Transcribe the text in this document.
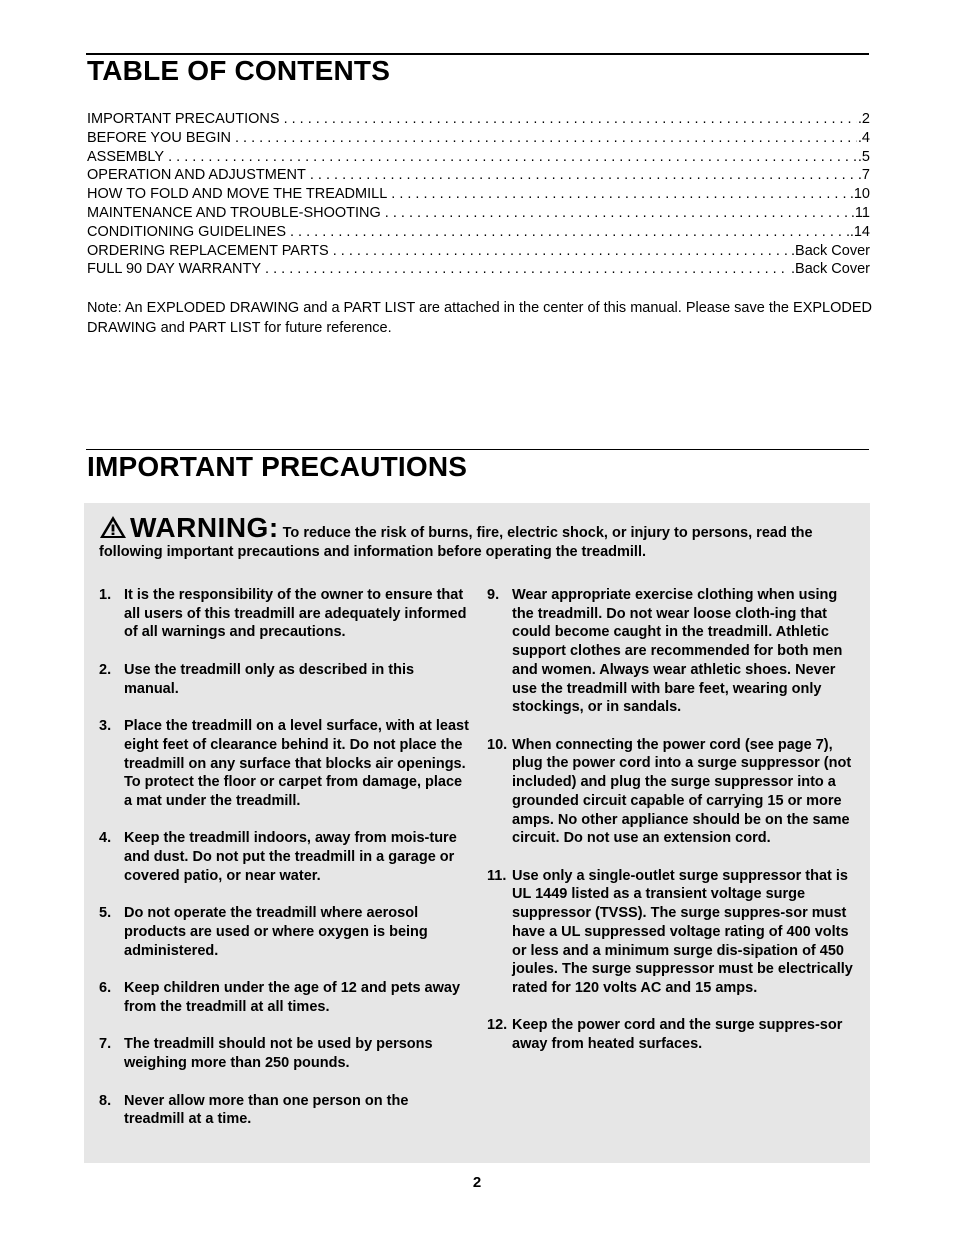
TABLE OF CONTENTS
IMPORTANT PRECAUTIONS . . .	.2
BEFORE YOU BEGIN . . .	.4
ASSEMBLY . . .	.5
OPERATION AND ADJUSTMENT . . .	.7
HOW TO FOLD AND MOVE THE TREADMILL . . .	.10
MAINTENANCE AND TROUBLE-SHOOTING . . .	.11
CONDITIONING GUIDELINES . . .	.14
ORDERING REPLACEMENT PARTS . . .	.Back Cover
FULL 90 DAY WARRANTY . . .	.Back Cover

Note: An EXPLODED DRAWING and a PART LIST are attached in the center of this manual. Please save the EXPLODED DRAWING and PART LIST for future reference.

IMPORTANT PRECAUTIONS
WARNING: To reduce the risk of burns, fire, electric shock, or injury to persons, read the following important precautions and information before operating the treadmill.
1. It is the responsibility of the owner to ensure that all users of this treadmill are adequately informed of all warnings and precautions.
2. Use the treadmill only as described in this manual.
3. Place the treadmill on a level surface, with at least eight feet of clearance behind it. Do not place the treadmill on any surface that blocks air openings. To protect the floor or carpet from damage, place a mat under the treadmill.
4. Keep the treadmill indoors, away from mois-ture and dust. Do not put the treadmill in a garage or covered patio, or near water.
5. Do not operate the treadmill where aerosol products are used or where oxygen is being administered.
6. Keep children under the age of 12 and pets away from the treadmill at all times.
7. The treadmill should not be used by persons weighing more than 250 pounds.
8. Never allow more than one person on the treadmill at a time.
9. Wear appropriate exercise clothing when using the treadmill. Do not wear loose cloth-ing that could become caught in the treadmill. Athletic support clothes are recommended for both men and women. Always wear athletic shoes. Never use the treadmill with bare feet, wearing only stockings, or in sandals.
10. When connecting the power cord (see page 7), plug the power cord into a surge suppressor (not included) and plug the surge suppressor into a grounded circuit capable of carrying 15 or more amps. No other appliance should be on the same circuit. Do not use an extension cord.
11. Use only a single-outlet surge suppressor that is UL 1449 listed as a transient voltage surge suppressor (TVSS). The surge suppres-sor must have a UL suppressed voltage rating of 400 volts or less and a minimum surge dis-sipation of 450 joules. The surge suppressor must be electrically rated for 120 volts AC and 15 amps.
12. Keep the power cord and the surge suppres-sor away from heated surfaces.
2
